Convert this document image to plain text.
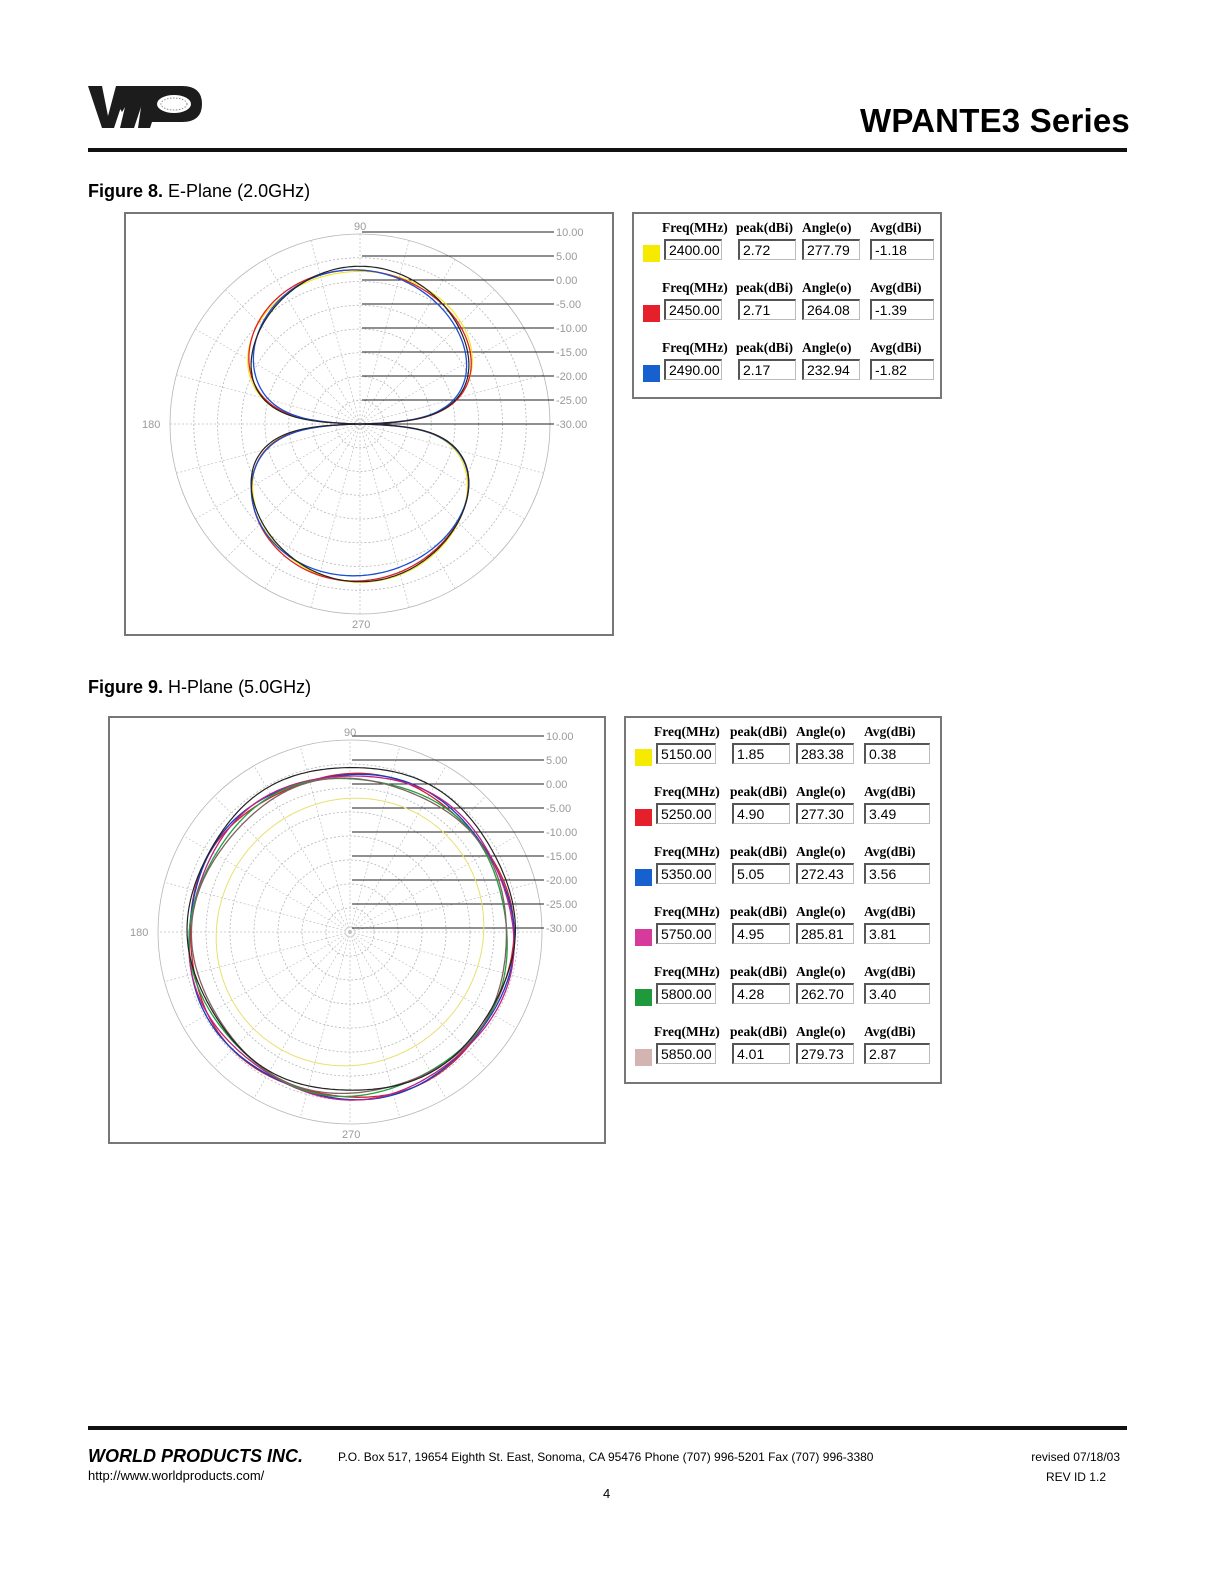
WPANTE3 Series
Figure 8. E-Plane (2.0GHz)
10.00
5.00
0.00
-5.00
-10.00
-15.00
-20.00
-25.00
-30.00
90
180
270
Freq(MHz) peak(dBi) Angle(o) Avg(dBi)
2400.00	2.72	277.79	-1.18
Freq(MHz) peak(dBi) Angle(o) Avg(dBi)
2450.00	2.71	264.08	-1.39
Freq(MHz) peak(dBi) Angle(o) Avg(dBi)
2490.00	2.17	232.94	-1.82
Figure 9. H-Plane (5.0GHz)
10.00
5.00
0.00
-5.00
-10.00
-15.00
-20.00
-25.00
-30.00
90
180
270
Freq(MHz) peak(dBi) Angle(o) Avg(dBi)
5150.00	1.85	283.38	0.38
Freq(MHz) peak(dBi) Angle(o) Avg(dBi)
5250.00	4.90	277.30	3.49
Freq(MHz) peak(dBi) Angle(o) Avg(dBi)
5350.00	5.05	272.43	3.56
Freq(MHz) peak(dBi) Angle(o) Avg(dBi)
5750.00	4.95	285.81	3.81
Freq(MHz) peak(dBi) Angle(o) Avg(dBi)
5800.00	4.28	262.70	3.40
Freq(MHz) peak(dBi) Angle(o) Avg(dBi)
5850.00	4.01	279.73	2.87
WORLD PRODUCTS INC.	P.O. Box 517, 19654 Eighth St. East, Sonoma, CA 95476 Phone (707) 996-5201 Fax (707) 996-3380
http://www.worldproducts.com/
revised 07/18/03
REV ID 1.2
4
